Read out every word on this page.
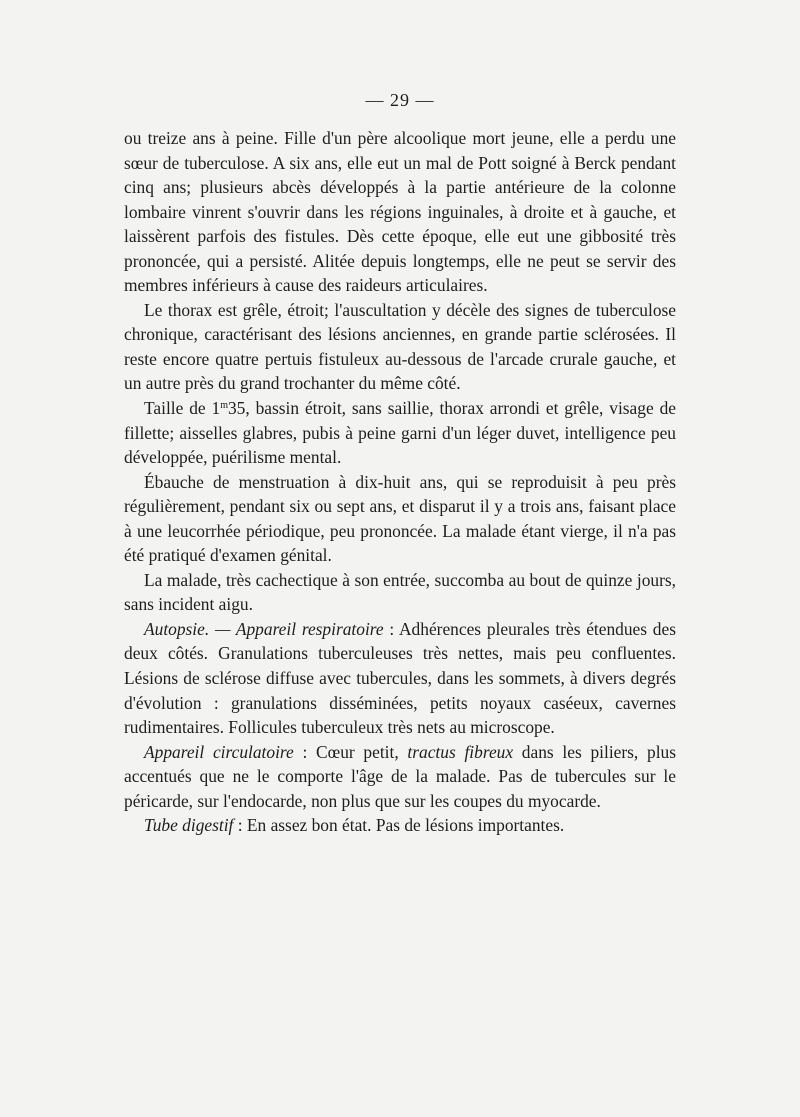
— 29 —

ou treize ans à peine. Fille d'un père alcoolique mort jeune, elle a perdu une sœur de tuberculose. A six ans, elle eut un mal de Pott soigné à Berck pendant cinq ans; plusieurs abcès développés à la partie antérieure de la colonne lombaire vinrent s'ouvrir dans les régions inguinales, à droite et à gauche, et laissèrent parfois des fistules. Dès cette époque, elle eut une gibbosité très prononcée, qui a persisté. Alitée depuis longtemps, elle ne peut se servir des membres inférieurs à cause des raideurs articulaires.

Le thorax est grêle, étroit; l'auscultation y décèle des signes de tuberculose chronique, caractérisant des lésions anciennes, en grande partie sclérosées. Il reste encore quatre pertuis fistuleux au-dessous de l'arcade crurale gauche, et un autre près du grand trochanter du même côté.

Taille de 1$^m$35, bassin étroit, sans saillie, thorax arrondi et grêle, visage de fillette; aisselles glabres, pubis à peine garni d'un léger duvet, intelligence peu développée, puérilisme mental.

Ébauche de menstruation à dix-huit ans, qui se reproduisit à peu près régulièrement, pendant six ou sept ans, et disparut il y a trois ans, faisant place à une leucorrhée périodique, peu prononcée. La malade étant vierge, il n'a pas été pratiqué d'examen génital.

La malade, très cachectique à son entrée, succomba au bout de quinze jours, sans incident aigu.

Autopsie. — Appareil respiratoire : Adhérences pleurales très étendues des deux côtés. Granulations tuberculeuses très nettes, mais peu confluentes. Lésions de sclérose diffuse avec tubercules, dans les sommets, à divers degrés d'évolution : granulations disséminées, petits noyaux caséeux, cavernes rudimentaires. Follicules tuberculeux très nets au microscope.

Appareil circulatoire : Cœur petit, tractus fibreux dans les piliers, plus accentués que ne le comporte l'âge de la malade. Pas de tubercules sur le péricarde, sur l'endocarde, non plus que sur les coupes du myocarde.

Tube digestif : En assez bon état. Pas de lésions importantes.
